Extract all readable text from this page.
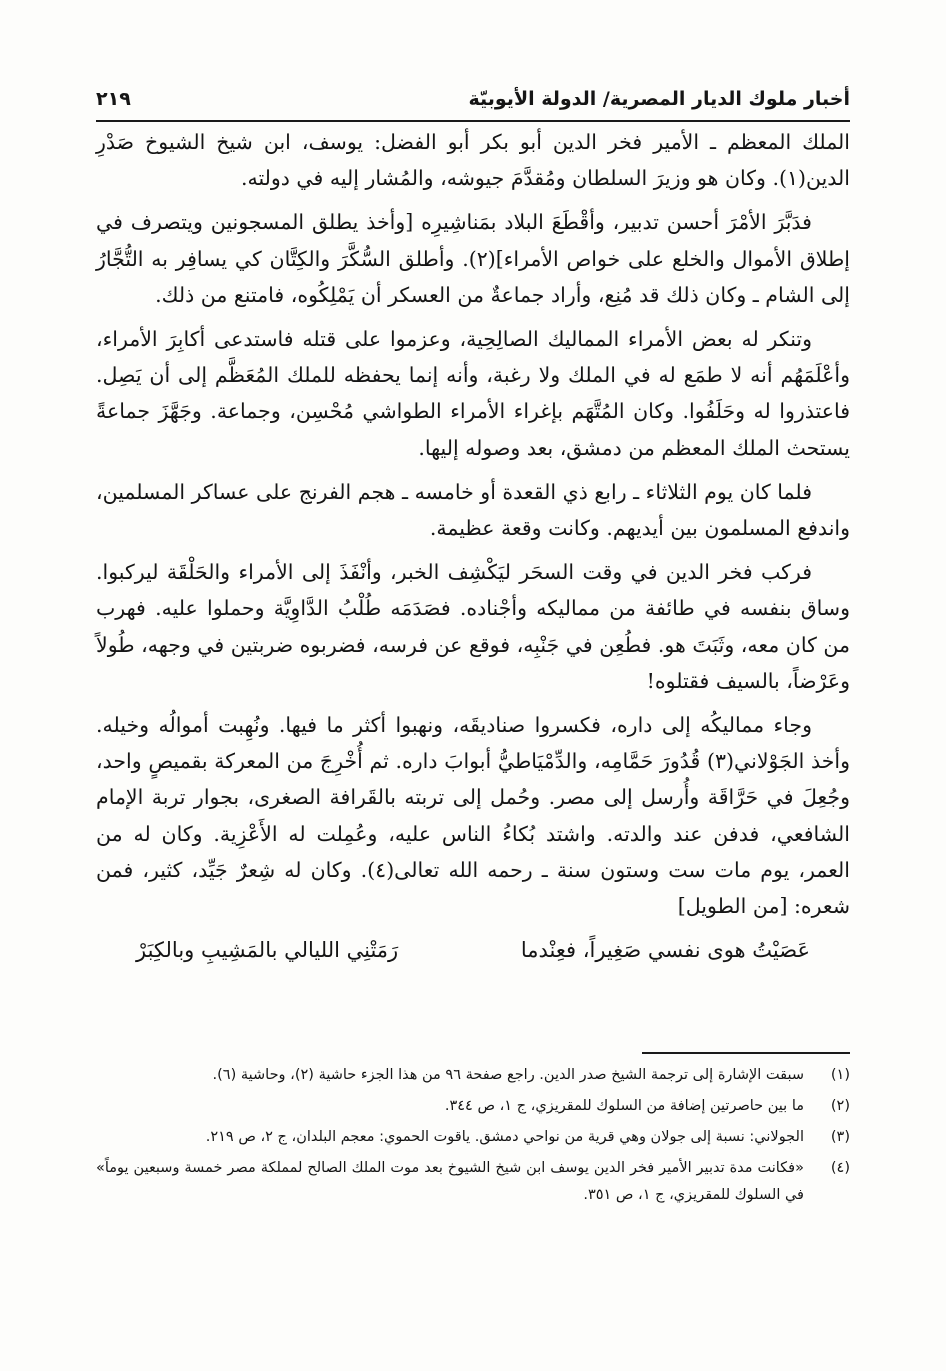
أخبار ملوك الديار المصرية/ الدولة الأيوبيّة
٢١٩

الملك المعظم ـ الأمير فخر الدين أبو بكر أبو الفضل: يوسف، ابن شيخ الشيوخ صَدْرِ الدين(١). وكان هو وزيرَ السلطان ومُقدَّمَ جيوشه، والمُشار إليه في دولته.

فدَبَّرَ الأمْرَ أحسن تدبير، وأقْطَعَ البلاد بمَناشِيرِه [وأخذ يطلق المسجونين ويتصرف في إطلاق الأموال والخلع على خواص الأمراء](٢). وأطلق السُّكَّرَ والكِتَّان كي يسافِر به التُّجَّارُ إلى الشام ـ وكان ذلك قد مُنِع، وأراد جماعةٌ من العسكر أن يَمْلِكُوه، فامتنع من ذلك.

وتنكر له بعض الأمراء المماليك الصالِحِية، وعزموا على قتله فاستدعى أكابِرَ الأمراء، وأعْلَمَهُم أنه لا طمَع له في الملك ولا رغبة، وأنه إنما يحفظه للملك المُعَظَّم إلى أن يَصِل. فاعتذروا له وحَلَفُوا. وكان المُتَّهَم بإغراء الأمراء الطواشي مُحْسِن، وجماعة. وجَهَّزَ جماعةً يستحث الملك المعظم من دمشق، بعد وصوله إليها.

فلما كان يوم الثلاثاء ـ رابع ذي القعدة أو خامسه ـ هجم الفرنج على عساكر المسلمين، واندفع المسلمون بين أيديهم. وكانت وقعة عظيمة.

فركب فخر الدين في وقت السحَر ليَكْشِف الخبر، وأنْفَذَ إلى الأمراء والحَلْقَة ليركبوا. وساق بنفسه في طائفة من مماليكه وأجْناده. فصَدَمَه طُلْبُ الدَّاوِيَّة وحملوا عليه. فهرب من كان معه، وثَبَتَ هو. فطُعِن في جَنْبِه، فوقع عن فرسه، فضربوه ضربتين في وجهه، طُولاً وعَرْضاً، بالسيف فقتلوه!

وجاء مماليكُه إلى داره، فكسروا صناديقَه، ونهبوا أكثر ما فيها. ونُهِبت أموالُه وخيله. وأخذ الجَوْلاني(٣) قُدُورَ حَمَّامِه، والدِّمْيَاطيُّ أبوابَ داره. ثم أُخْرِجَ من المعركة بقميصٍ واحد، وجُعِلَ في حَرَّاقَة وأُرسل إلى مصر. وحُمل إلى تربته بالقَرافة الصغرى، بجوار تربة الإمام الشافعي، فدفن عند والدته. واشتد بُكاءُ الناس عليه، وعُمِلت له الأَعْزِية. وكان له من العمر، يوم مات ست وستون سنة ـ رحمه الله تعالى(٤). وكان له شِعرٌ جَيِّد، كثير، فمن شعره: [من الطويل]

عَصَيْتُ هوى نفسي صَغِيراً، فعِنْدما
رَمَتْنِي الليالي بالمَشِيبِ وبالكِبَرْ
(١)
سبقت الإشارة إلى ترجمة الشيخ صدر الدين. راجع صفحة ٩٦ من هذا الجزء حاشية (٢)، وحاشية (٦).
(٢)
ما بين حاصرتين إضافة من السلوك للمقريزي، ج ١، ص ٣٤٤.
(٣)
الجولاني: نسبة إلى جولان وهي قرية من نواحي دمشق. ياقوت الحموي: معجم البلدان، ج ٢، ص ٢١٩.
(٤)
«فكانت مدة تدبير الأمير فخر الدين يوسف ابن شيخ الشيوخ بعد موت الملك الصالح لمملكة مصر خمسة وسبعين يوماً» في السلوك للمقريزي، ج ١، ص ٣٥١.
